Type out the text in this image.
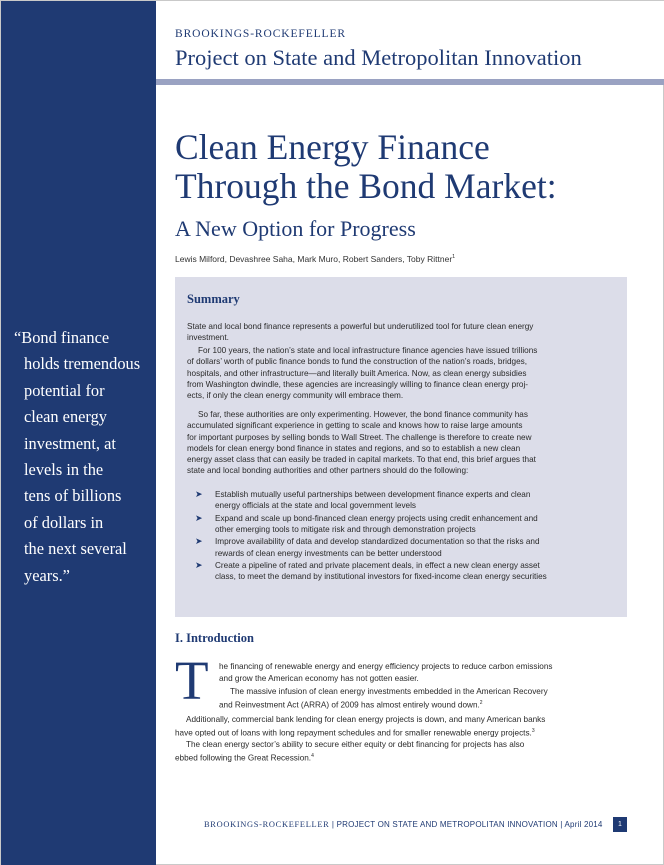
“Bond finance
holds tremendous
potential for
clean energy
investment, at
levels in the
tens of billions
of dollars in
the next several
years.”
BROOKINGS-ROCKEFELLER
Project on State and Metropolitan Innovation
Clean Energy Finance
Through the Bond Market:
A New Option for Progress
Lewis Milford, Devashree Saha, Mark Muro, Robert Sanders, Toby Rittner$^1$
Summary
State and local bond finance represents a powerful but underutilized tool for future clean energy
investment.
For 100 years, the nation’s state and local infrastructure finance agencies have issued trillions
of dollars’ worth of public finance bonds to fund the construction of the nation’s roads, bridges,
hospitals, and other infrastructure—and literally built America. Now, as clean energy subsidies
from Washington dwindle, these agencies are increasingly willing to finance clean energy proj-
ects, if only the clean energy community will embrace them.
So far, these authorities are only experimenting. However, the bond finance community has
accumulated significant experience in getting to scale and knows how to raise large amounts
for important purposes by selling bonds to Wall Street. The challenge is therefore to create new
models for clean energy bond finance in states and regions, and so to establish a new clean
energy asset class that can easily be traded in capital markets. To that end, this brief argues that
state and local bonding authorities and other partners should do the following:
➤ Establish mutually useful partnerships between development finance experts and clean
energy officials at the state and local government levels
➤ Expand and scale up bond-financed clean energy projects using credit enhancement and
other emerging tools to mitigate risk and through demonstration projects
➤ Improve availability of data and develop standardized documentation so that the risks and
rewards of clean energy investments can be better understood
➤ Create a pipeline of rated and private placement deals, in effect a new clean energy asset
class, to meet the demand by institutional investors for fixed-income clean energy securities
I. Introduction
T he financing of renewable energy and energy efficiency projects to reduce carbon emissions
and grow the American economy has not gotten easier.
The massive infusion of clean energy investments embedded in the American Recovery
and Reinvestment Act (ARRA) of 2009 has almost entirely wound down.$^2$
Additionally, commercial bank lending for clean energy projects is down, and many American banks
have opted out of loans with long repayment schedules and for smaller renewable energy projects.$^3$
The clean energy sector’s ability to secure either equity or debt financing for projects has also
ebbed following the Great Recession.$^4$
BROOKINGS-ROCKEFELLER | PROJECT ON STATE AND METROPOLITAN INNOVATION | April 2014	1
